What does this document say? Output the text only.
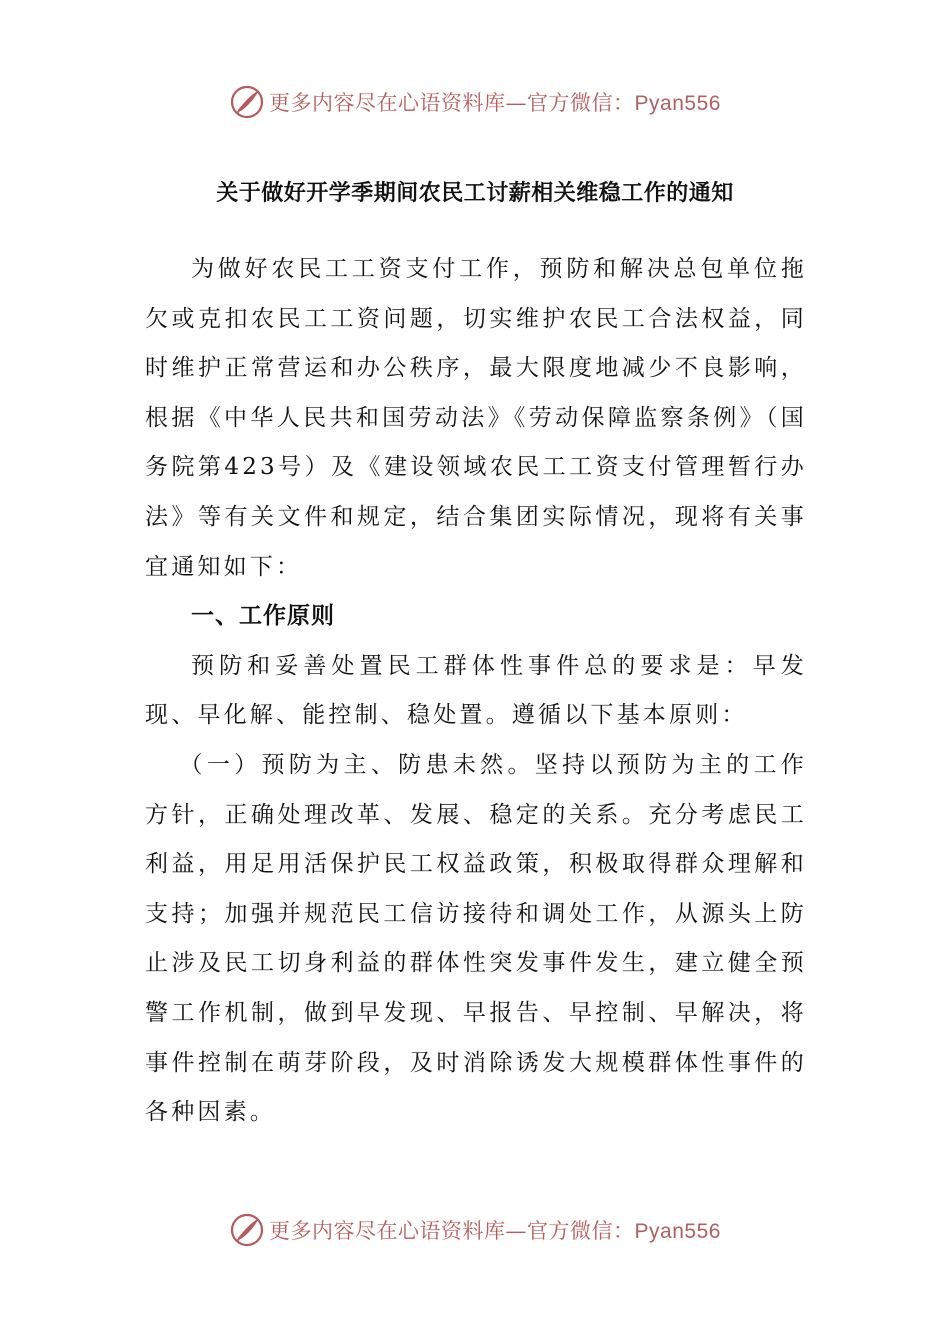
更多内容尽在心语资料库—官方微信：Pyan556
关于做好开学季期间农民工讨薪相关维稳工作的通知

为做好农民工工资支付工作，预防和解决总包单位拖欠或克扣农民工工资问题，切实维护农民工合法权益，同时维护正常营运和办公秩序，最大限度地减少不良影响，根据《中华人民共和国劳动法》《劳动保障监察条例》（国务院第423号）及《建设领域农民工工资支付管理暂行办法》等有关文件和规定，结合集团实际情况，现将有关事宜通知如下：

一、工作原则

预防和妥善处置民工群体性事件总的要求是：早发现、早化解、能控制、稳处置。遵循以下基本原则：

（一）预防为主、防患未然。坚持以预防为主的工作方针，正确处理改革、发展、稳定的关系。充分考虑民工利益，用足用活保护民工权益政策，积极取得群众理解和支持；加强并规范民工信访接待和调处工作，从源头上防止涉及民工切身利益的群体性突发事件发生，建立健全预警工作机制，做到早发现、早报告、早控制、早解决，将事件控制在萌芽阶段，及时消除诱发大规模群体性事件的各种因素。

更多内容尽在心语资料库—官方微信：Pyan556
